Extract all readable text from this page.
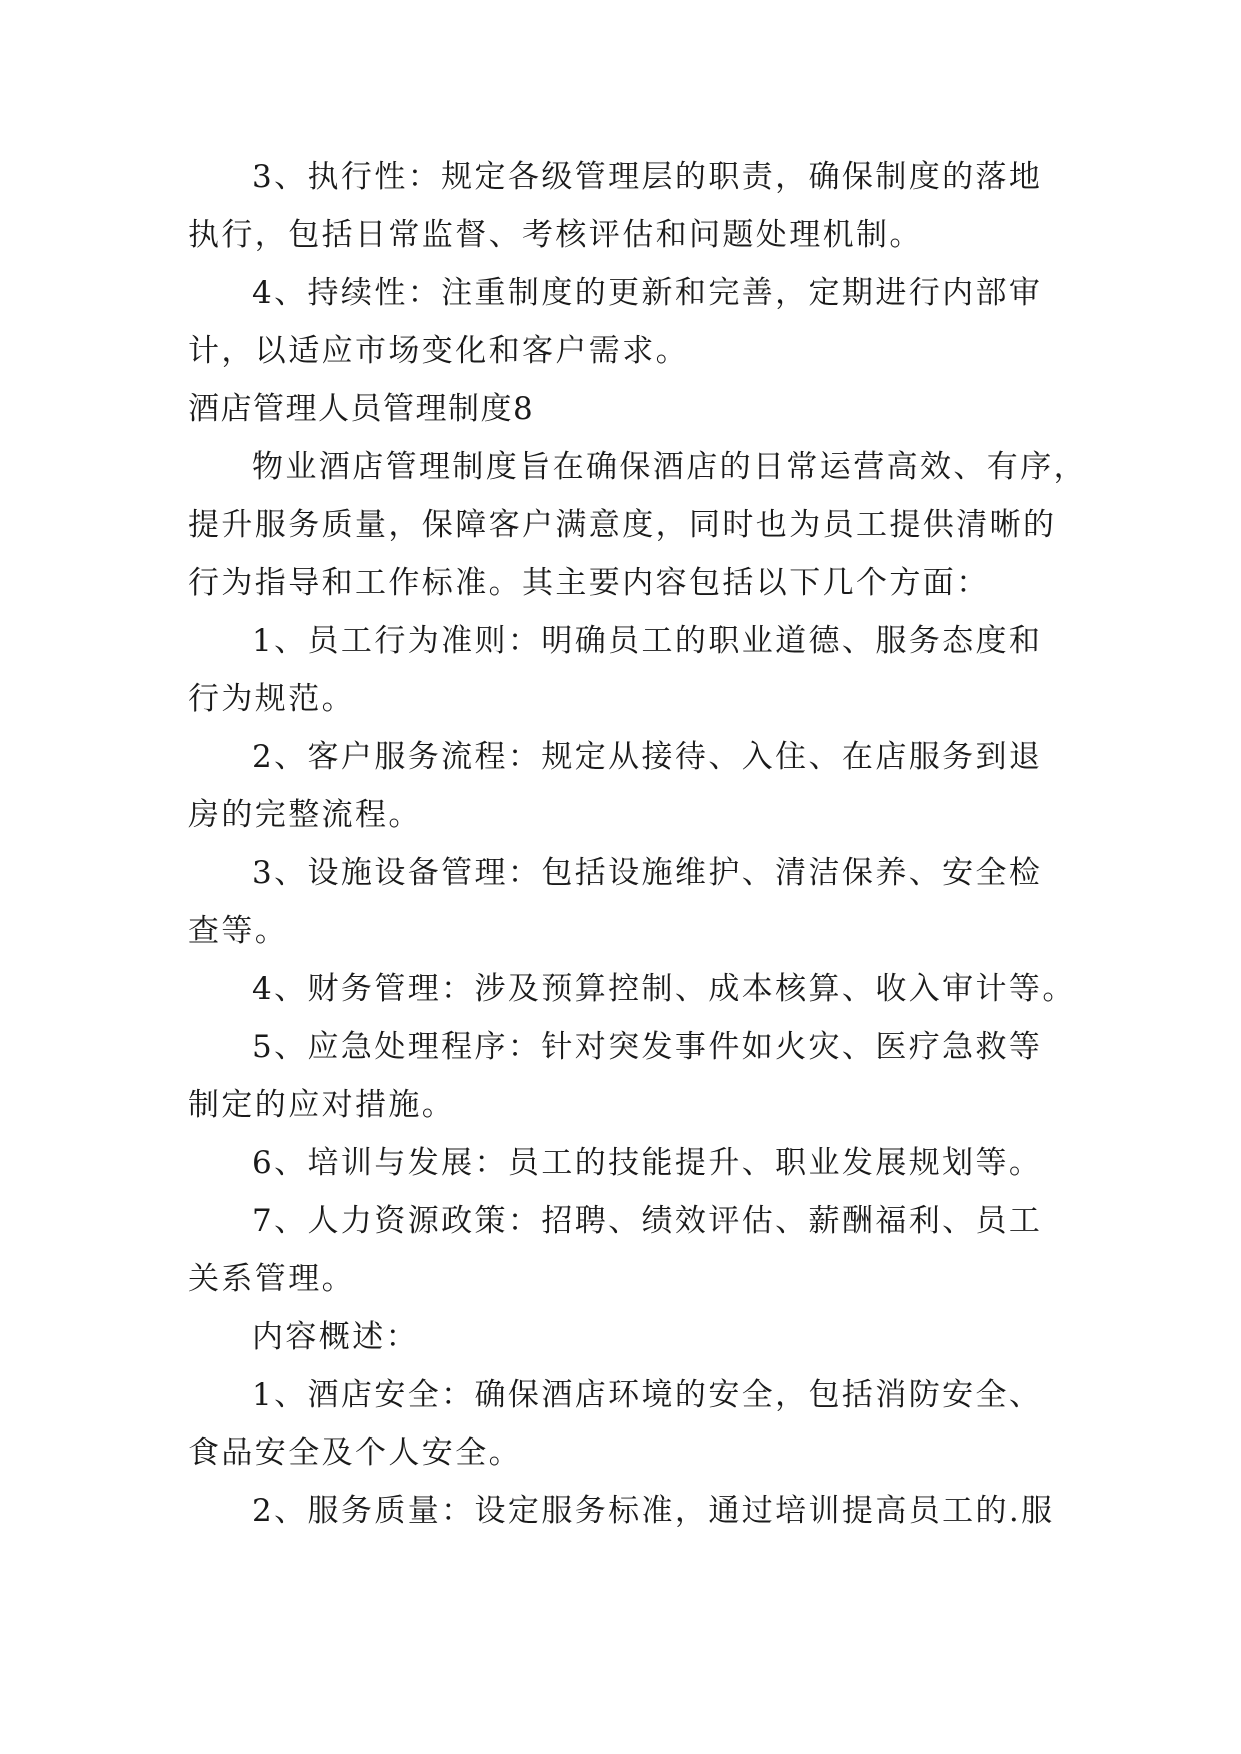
3、执行性：规定各级管理层的职责，确保制度的落地
执行，包括日常监督、考核评估和问题处理机制。
4、持续性：注重制度的更新和完善，定期进行内部审
计，以适应市场变化和客户需求。
酒店管理人员管理制度8
物业酒店管理制度旨在确保酒店的日常运营高效、有序，
提升服务质量，保障客户满意度，同时也为员工提供清晰的
行为指导和工作标准。其主要内容包括以下几个方面：
1、员工行为准则：明确员工的职业道德、服务态度和
行为规范。
2、客户服务流程：规定从接待、入住、在店服务到退
房的完整流程。
3、设施设备管理：包括设施维护、清洁保养、安全检
查等。
4、财务管理：涉及预算控制、成本核算、收入审计等。
5、应急处理程序：针对突发事件如火灾、医疗急救等
制定的应对措施。
6、培训与发展：员工的技能提升、职业发展规划等。
7、人力资源政策：招聘、绩效评估、薪酬福利、员工
关系管理。
内容概述：
1、酒店安全：确保酒店环境的安全，包括消防安全、
食品安全及个人安全。
2、服务质量：设定服务标准，通过培训提高员工的.服
